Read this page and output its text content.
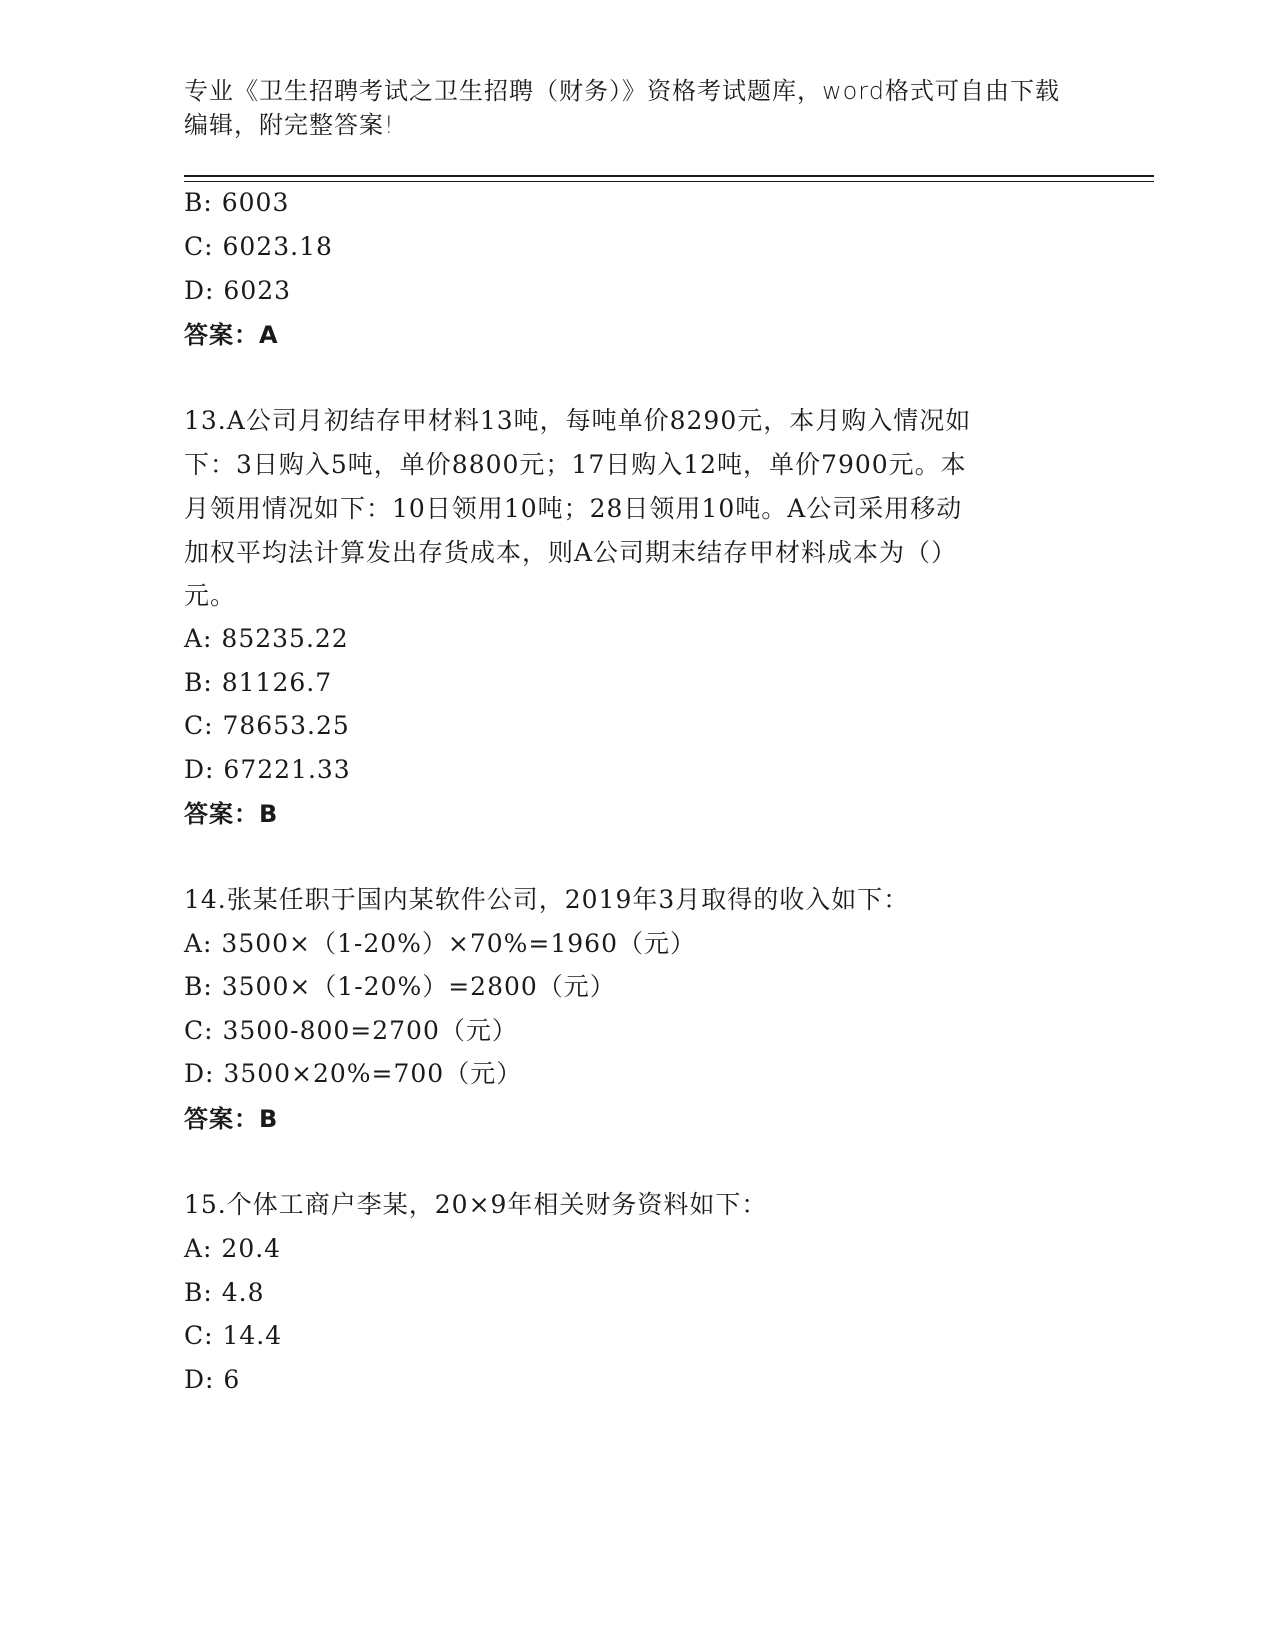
专业《卫生招聘考试之卫生招聘（财务）》资格考试题库，word格式可自由下载
编辑，附完整答案!
B: 6003
C: 6023.18
D: 6023
答案：A
13.A公司月初结存甲材料13吨，每吨单价8290元，本月购入情况如
下：3日购入5吨，单价8800元；17日购入12吨，单价7900元。本
月领用情况如下：10日领用10吨；28日领用10吨。A公司采用移动
加权平均法计算发出存货成本，则A公司期末结存甲材料成本为（）
元。
A: 85235.22
B: 81126.7
C: 78653.25
D: 67221.33
答案：B
14.张某任职于国内某软件公司，2019年3月取得的收入如下：
A: 3500×（1-20%）×70%=1960（元）
B: 3500×（1-20%）=2800（元）
C: 3500-800=2700（元）
D: 3500×20%=700（元）
答案：B
15.个体工商户李某，20×9年相关财务资料如下：
A: 20.4
B: 4.8
C: 14.4
D: 6
